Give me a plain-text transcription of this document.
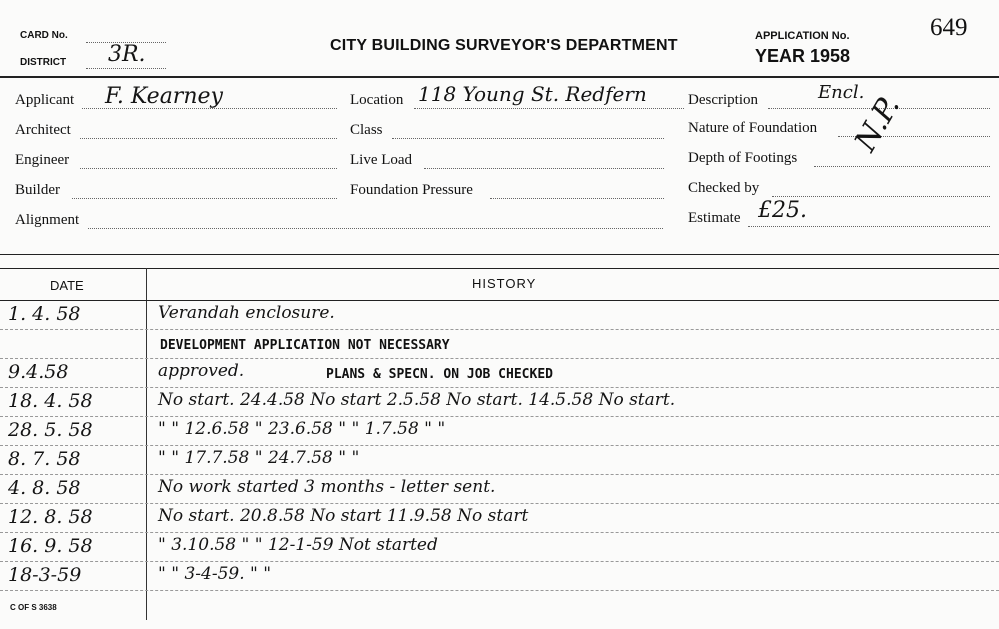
CARD No.
DISTRICT 3R.	CITY BUILDING SURVEYOR'S DEPARTMENT
APPLICATION No.	649
YEAR 1958
Applicant F. Kearney
Architect
Engineer
Builder
Alignment
Location 118 Young St. Redfern
Class
Live Load
Foundation Pressure
Description	Encl.
Nature of Foundation
Depth of Footings
Checked by
N.P.
Estimate £25.
DATE	HISTORY
1. 4. 58	Verandah enclosure.
DEVELOPMENT APPLICATION NOT NECESSARY
9.4.58	approved.	PLANS & SPECN. ON JOB CHECKED
18. 4. 58	No start. 24.4.58 No start 2.5.58 No start. 14.5.58 No start.
28. 5. 58	" " 12.6.58 " 23.6.58 " " 1.7.58 " "
8. 7. 58	" " 17.7.58 " 24.7.58 " "
4. 8. 58	No work started 3 months - letter sent.
12. 8. 58	No start. 20.8.58 No start 11.9.58 No start
16. 9. 58	" 3.10.58 " " 12-1-59 Not started
18-3-59	" " 3-4-59. " "
C OF S 3638
